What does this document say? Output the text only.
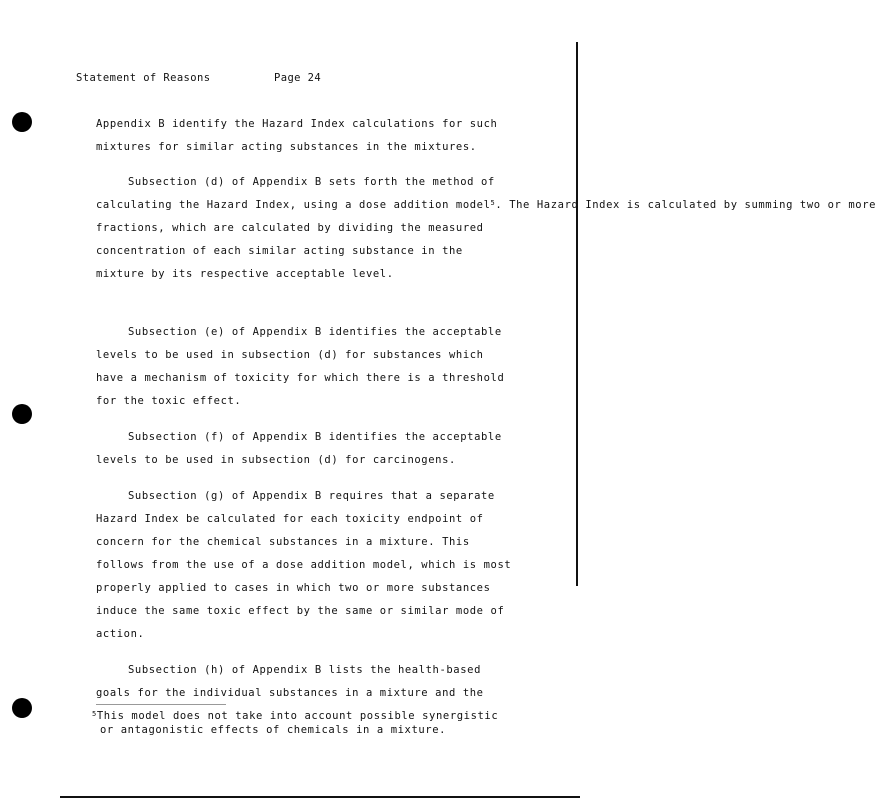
Statement of Reasons	Page 24
Appendix B identify the Hazard Index calculations for such
mixtures for similar acting substances in the mixtures.
Subsection (d) of Appendix B sets forth the method of
calculating the Hazard Index, using a dose addition model$^5$. The Hazard Index is calculated by summing two or more
fractions, which are calculated by dividing the measured
concentration of each similar acting substance in the
mixture by its respective acceptable level.
Subsection (e) of Appendix B identifies the acceptable
levels to be used in subsection (d) for substances which
have a mechanism of toxicity for which there is a threshold
for the toxic effect.
Subsection (f) of Appendix B identifies the acceptable
levels to be used in subsection (d) for carcinogens.
Subsection (g) of Appendix B requires that a separate
Hazard Index be calculated for each toxicity endpoint of
concern for the chemical substances in a mixture. This
follows from the use of a dose addition model, which is most
properly applied to cases in which two or more substances
induce the same toxic effect by the same or similar mode of
action.
Subsection (h) of Appendix B lists the health-based
goals for the individual substances in a mixture and the
$^5$This model does not take into account possible synergistic
or antagonistic effects of chemicals in a mixture.
